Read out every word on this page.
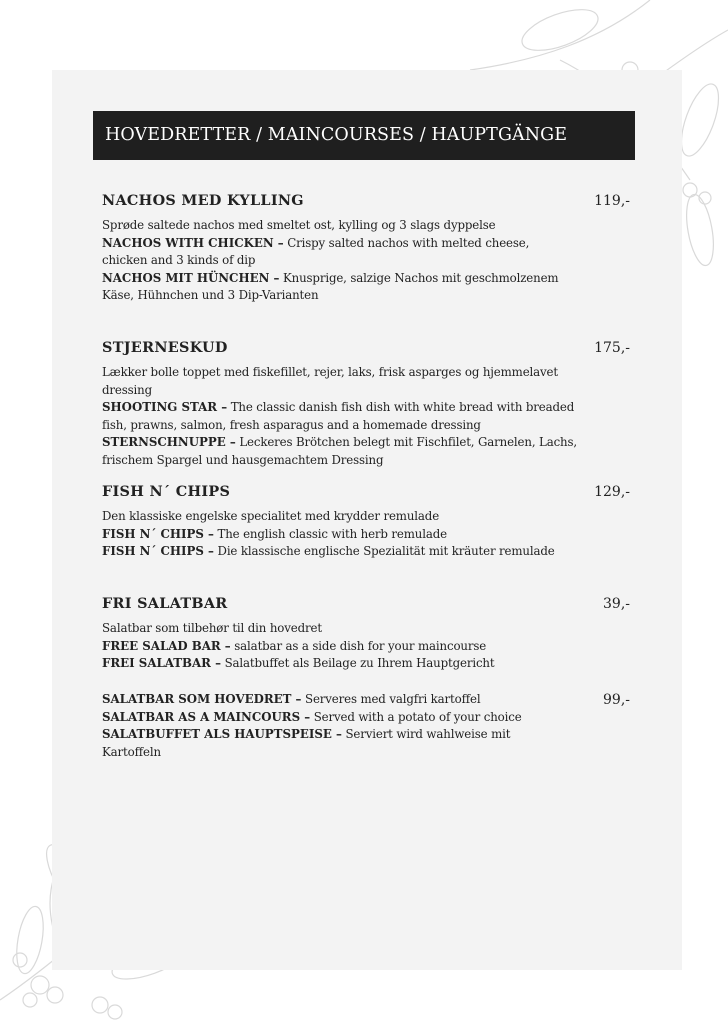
HOVEDRETTER / MAINCOURSES / HAUPTGÄNGE
NACHOS MED KYLLING	119,-
Sprøde saltede nachos med smeltet ost, kylling og 3 slags dyppelse
NACHOS WITH CHICKEN – Crispy salted nachos with melted cheese, chicken and 3 kinds of dip
NACHOS MIT HÜNCHEN – Knusprige, salzige Nachos mit geschmolzenem Käse, Hühnchen und 3 Dip-Varianten
STJERNESKUD	175,-
Lækker bolle toppet med fiskefillet, rejer, laks, frisk asparges og hjemmelavet dressing
SHOOTING STAR – The classic danish fish dish with white bread with breaded fish, prawns, salmon, fresh asparagus and a homemade dressing
STERNSCHNUPPE – Leckeres Brötchen belegt mit Fischfilet, Garnelen, Lachs, frischem Spargel und hausgemachtem Dressing
FISH N´ CHIPS	129,-
Den klassiske engelske specialitet med krydder remulade
FISH N´ CHIPS – The english classic with herb remulade
FISH N´ CHIPS – Die klassische englische Spezialität mit kräuter remulade
FRI SALATBAR	39,-
Salatbar som tilbehør til din hovedret
FREE SALAD BAR – salatbar as a side dish for your maincourse
FREI SALATBAR – Salatbuffet als Beilage zu Ihrem Hauptgericht
99,-
SALATBAR SOM HOVEDRET – Serveres med valgfri kartoffel
SALATBAR AS A MAINCOURS – Served with a potato of your choice
SALATBUFFET ALS HAUPTSPEISE – Serviert wird wahlweise mit Kartoffeln
